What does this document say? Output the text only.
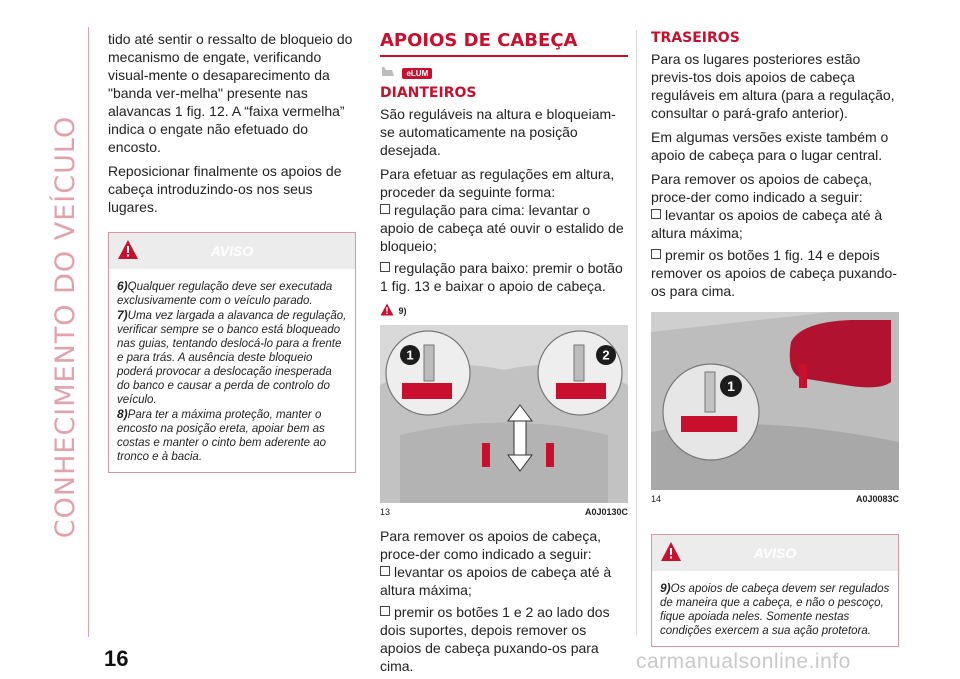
CONHECIMENTO DO VEÍCULO

tido até sentir o ressalto de bloqueio do mecanismo de engate, verificando visual-mente o desaparecimento da "banda ver-melha" presente nas alavancas 1 fig. 12. A “faixa vermelha” indica o engate não efetuado do encosto.

Reposicionar finalmente os apoios de cabeça introduzindo-os nos seus lugares.

AVISO

6)Qualquer regulação deve ser executada exclusivamente com o veículo parado.

7)Uma vez largada a alavanca de regulação, verificar sempre se o banco está bloqueado nas guias, tentando deslocá-lo para a frente e para trás. A ausência deste bloqueio poderá provocar a deslocação inesperada do banco e causar a perda de controlo do veículo.

8)Para ter a máxima proteção, manter o encosto na posição ereta, apoiar bem as costas e manter o cinto bem aderente ao tronco e à bacia.

APOIOS DE CABEÇA
eLUM
DIANTEIROS

São reguláveis na altura e bloqueiam-se automaticamente na posição desejada.

Para efetuar as regulações em altura, proceder da seguinte forma:

regulação para cima: levantar o apoio de cabeça até ouvir o estalido de bloqueio;
regulação para baixo: premir o botão 1 fig. 13 e baixar o apoio de cabeça.
9)
1	2
13	A0J0130C

Para remover os apoios de cabeça, proce-der como indicado a seguir:

levantar os apoios de cabeça até à altura máxima;
premir os botões 1 e 2 ao lado dos dois suportes, depois remover os apoios de cabeça puxando-os para cima.
TRASEIROS

Para os lugares posteriores estão previs-tos dois apoios de cabeça reguláveis em altura (para a regulação, consultar o pará-grafo anterior).

Em algumas versões existe também o apoio de cabeça para o lugar central.

Para remover os apoios de cabeça, proce-der como indicado a seguir:

levantar os apoios de cabeça até à altura máxima;
premir os botões 1 fig. 14 e depois remover os apoios de cabeça puxando-os para cima.
1
14	A0J0083C
AVISO

9)Os apoios de cabeça devem ser regulados de maneira que a cabeça, e não o pescoço, fique apoiada neles. Somente nestas condições exercem a sua ação protetora.

16	carmanualsonline.info
